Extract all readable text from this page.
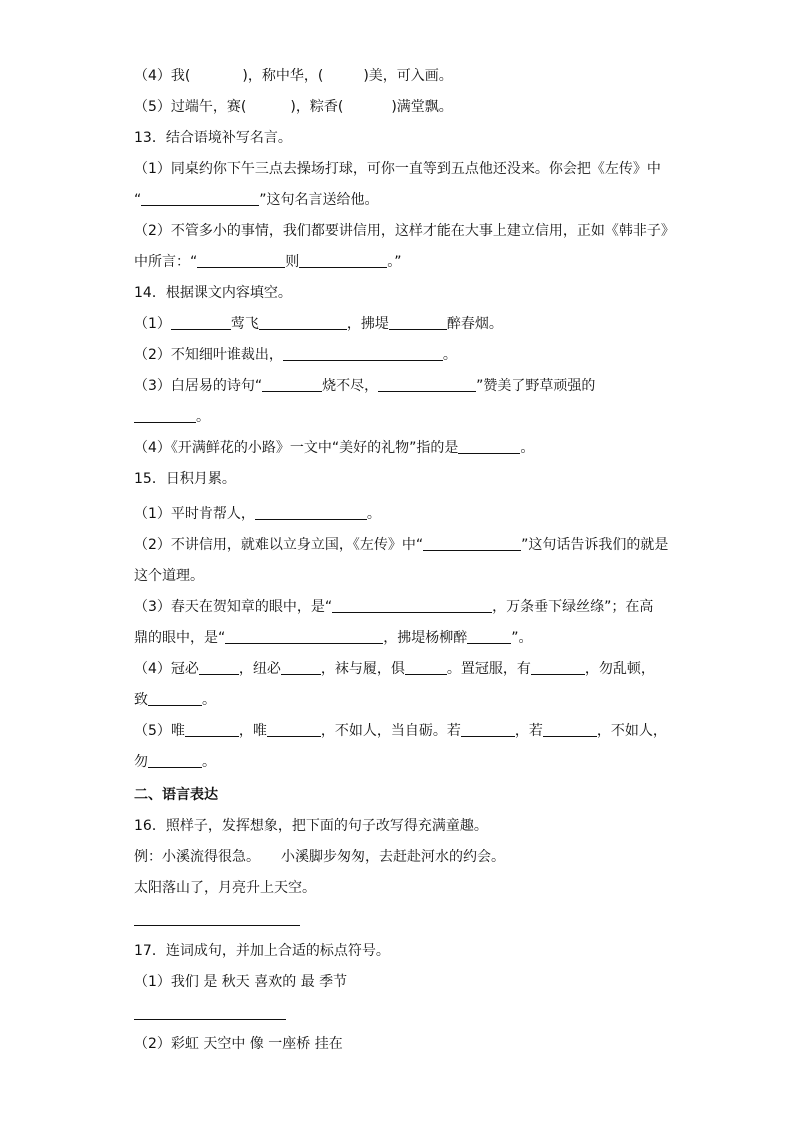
（4）我(	)，称中华，(	)美，可入画。
（5）过端午，赛(	)，粽香(	)满堂飘。
13．结合语境补写名言。
（1）同桌约你下午三点去操场打球，可你一直等到五点他还没来。你会把《左传》中
“	”这句名言送给他。
（2）不管多小的事情，我们都要讲信用，这样才能在大事上建立信用，正如《韩非子》
中所言：“	则	。”
14．根据课文内容填空。
（1）	莺飞	，拂堤	醉春烟。
（2）不知细叶谁裁出，	。
（3）白居易的诗句“	烧不尽，	”赞美了野草顽强的
。
（4）《开满鲜花的小路》一文中“美好的礼物”指的是	。
15．日积月累。
（1）平时肯帮人，	。
（2）不讲信用，就难以立身立国，《左传》中“	”这句话告诉我们的就是
这个道理。
（3）春天在贺知章的眼中，是“	，万条垂下绿丝绦”；在高
鼎的眼中，是“	，拂堤杨柳醉	”。
（4）冠必	，纽必	，袜与履，俱	。置冠服，有	，勿乱顿，
致	。
（5）唯	，唯	，不如人，当自砺。若	，若	，不如人，
勿	。
二、语言表达
16．照样子，发挥想象，把下面的句子改写得充满童趣。
例：小溪流得很急。　　小溪脚步匆匆，去赶赴河水的约会。
太阳落山了，月亮升上天空。
17．连词成句，并加上合适的标点符号。
（1）我们 是 秋天 喜欢的 最 季节
（2）彩虹 天空中 像 一座桥 挂在
